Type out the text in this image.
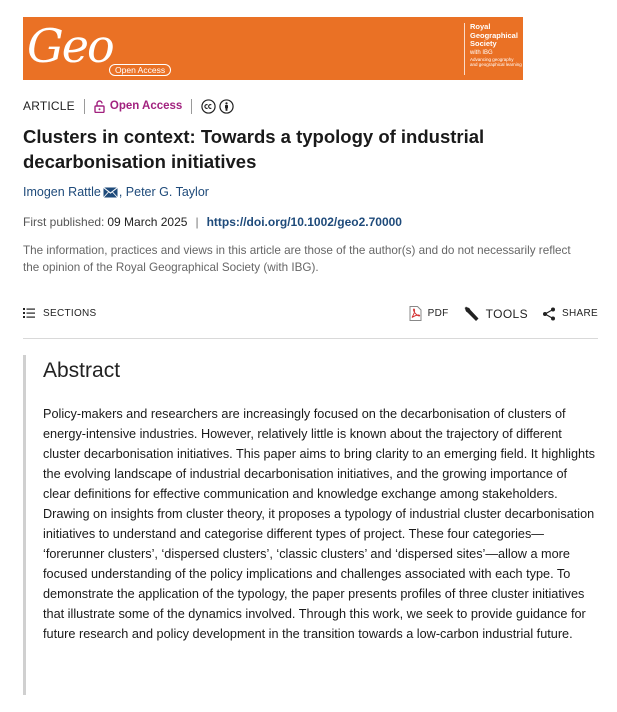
Geo Open Access
Royal
Geographical
Society
with IBG
Advancing geography
and geographical learning
ARTICLE	Open Access
Clusters in context: Towards a typology of industrial decarbonisation initiatives
Imogen Rattle ,
Peter G. Taylor
First published: 09 March 2025 | https://doi.org/10.1002/geo2.70000

The information, practices and views in this article are those of the author(s) and do not necessarily reflect the opinion of the Royal Geographical Society (with IBG).

SECTIONS	PDF	TOOLS	SHARE
Abstract

Policy-makers and researchers are increasingly focused on the decarbonisation of clusters of energy-intensive industries. However, relatively little is known about the trajectory of different cluster decarbonisation initiatives. This paper aims to bring clarity to an emerging field. It highlights the evolving landscape of industrial decarbonisation initiatives, and the growing importance of clear definitions for effective communication and knowledge exchange among stakeholders. Drawing on insights from cluster theory, it proposes a typology of industrial cluster decarbonisation initiatives to understand and categorise different types of project. These four categories— ‘forerunner clusters’, ‘dispersed clusters’, ‘classic clusters’ and ‘dispersed sites’—allow a more focused understanding of the policy implications and challenges associated with each type. To demonstrate the application of the typology, the paper presents profiles of three cluster initiatives that illustrate some of the dynamics involved. Through this work, we seek to provide guidance for future research and policy development in the transition towards a low-carbon industrial future.
